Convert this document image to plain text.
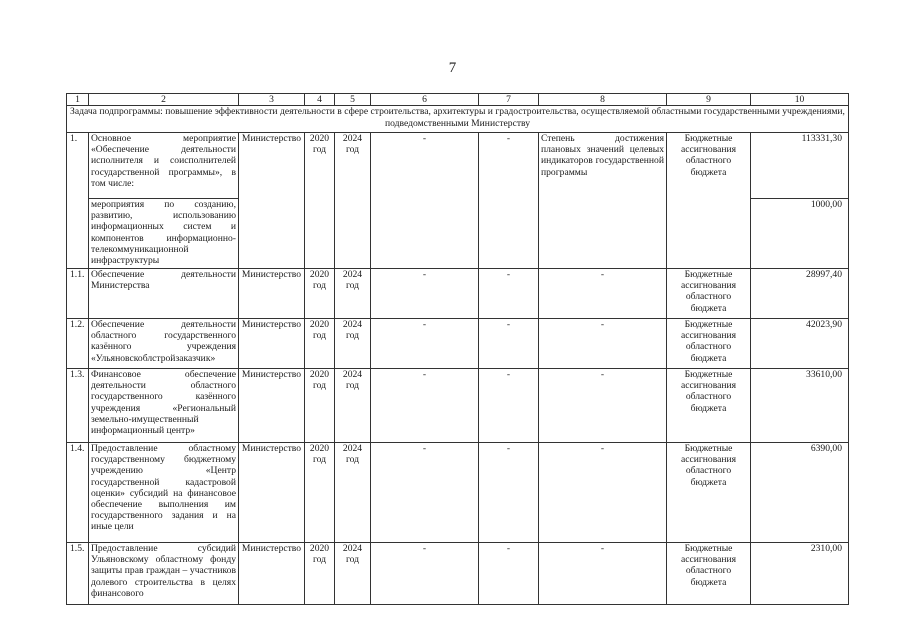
7
1	2	3	4	5	6	7	8	9	10
Задача подпрограммы: повышение эффективности деятельности в сфере строительства, архитектуры и градостроительства, осуществляемой областными государственными учреждениями, подведомственными Министерству									
1.	Основное мероприятие «Обеспечение деятельности исполнителя и соисполнителей государственной программы», в том числе:	Министерство	2020 год	2024 год	-	-	Степень достижения плановых значений целевых индикаторов государственной программы	Бюджетные ассигнования областного бюджета	113331,30
	мероприятия по созданию, развитию, использованию информационных систем и компонентов информационно-телекоммуникационной инфраструктуры								1000,00
1.1.	Обеспечение деятельности Министерства	Министерство	2020 год	2024 год	-	-	-	Бюджетные ассигнования областного бюджета	28997,40
1.2.	Обеспечение деятельности областного государственного казённого учреждения «Ульяновскоблстройзаказчик»	Министерство	2020 год	2024 год	-	-	-	Бюджетные ассигнования областного бюджета	42023,90
1.3.	Финансовое обеспечение деятельности областного государственного казённого учреждения «Региональный земельно-имущественный информационный центр»	Министерство	2020 год	2024 год	-	-	-	Бюджетные ассигнования областного бюджета	33610,00
1.4.	Предоставление областному государственному бюджетному учреждению «Центр государственной кадастровой оценки» субсидий на финансовое обеспечение выполнения им государственного задания и на иные цели	Министерство	2020 год	2024 год	-	-	-	Бюджетные ассигнования областного бюджета	6390,00
1.5.	Предоставление субсидий Ульяновскому областному фонду защиты прав граждан – участников долевого строительства в целях финансового	Министерство	2020 год	2024 год	-	-	-	Бюджетные ассигнования областного бюджета	2310,00
